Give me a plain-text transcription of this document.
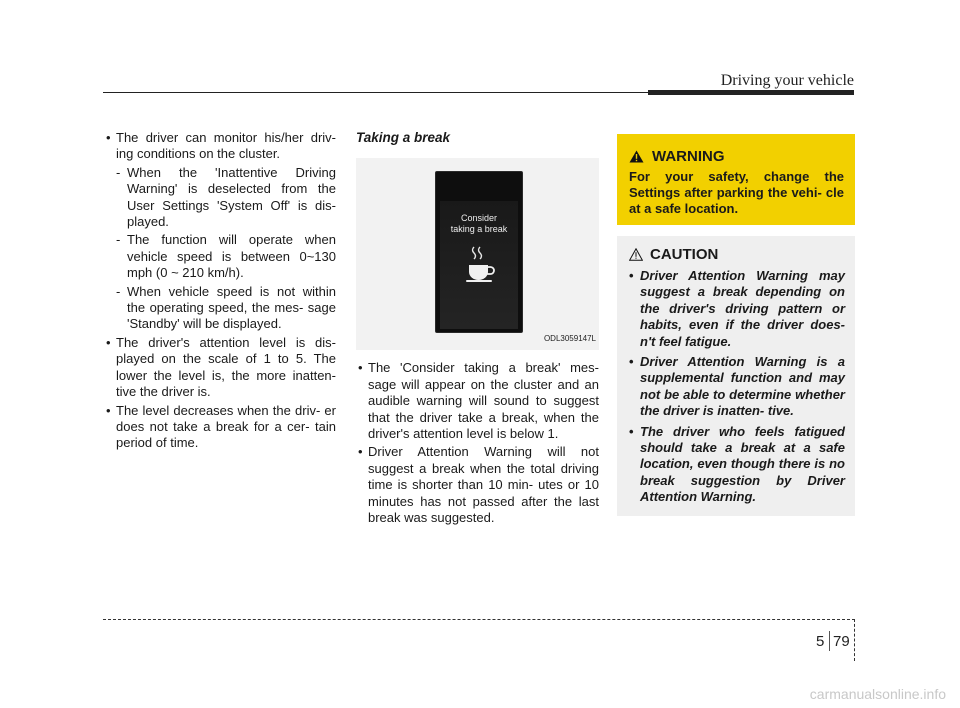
Driving your vehicle
• The driver can monitor his/her driv- ing conditions on the cluster.
- When the 'Inattentive Driving Warning' is deselected from the User Settings 'System Off' is dis- played.
- The function will operate when vehicle speed is between 0~130 mph (0 ~ 210 km/h).
- When vehicle speed is not within the operating speed, the mes- sage 'Standby' will be displayed.
• The driver's attention level is dis- played on the scale of 1 to 5. The lower the level is, the more inatten- tive the driver is.
• The level decreases when the driv- er does not take a break for a cer- tain period of time.
Taking a break
Consider
taking a break
ODL3059147L
• The 'Consider taking a break' mes- sage will appear on the cluster and an audible warning will sound to suggest that the driver take a break, when the driver's attention level is below 1.
• Driver Attention Warning will not suggest a break when the total driving time is shorter than 10 min- utes or 10 minutes has not passed after the last break was suggested.
WARNING
For your safety, change the Settings after parking the vehi- cle at a safe location.
CAUTION
• Driver Attention Warning may suggest a break depending on the driver's driving pattern or habits, even if the driver does- n't feel fatigue.
• Driver Attention Warning is a supplemental function and may not be able to determine whether the driver is inatten- tive.
• The driver who feels fatigued should take a break at a safe location, even though there is no break suggestion by Driver Attention Warning.
5 79
carmanualsonline.info
